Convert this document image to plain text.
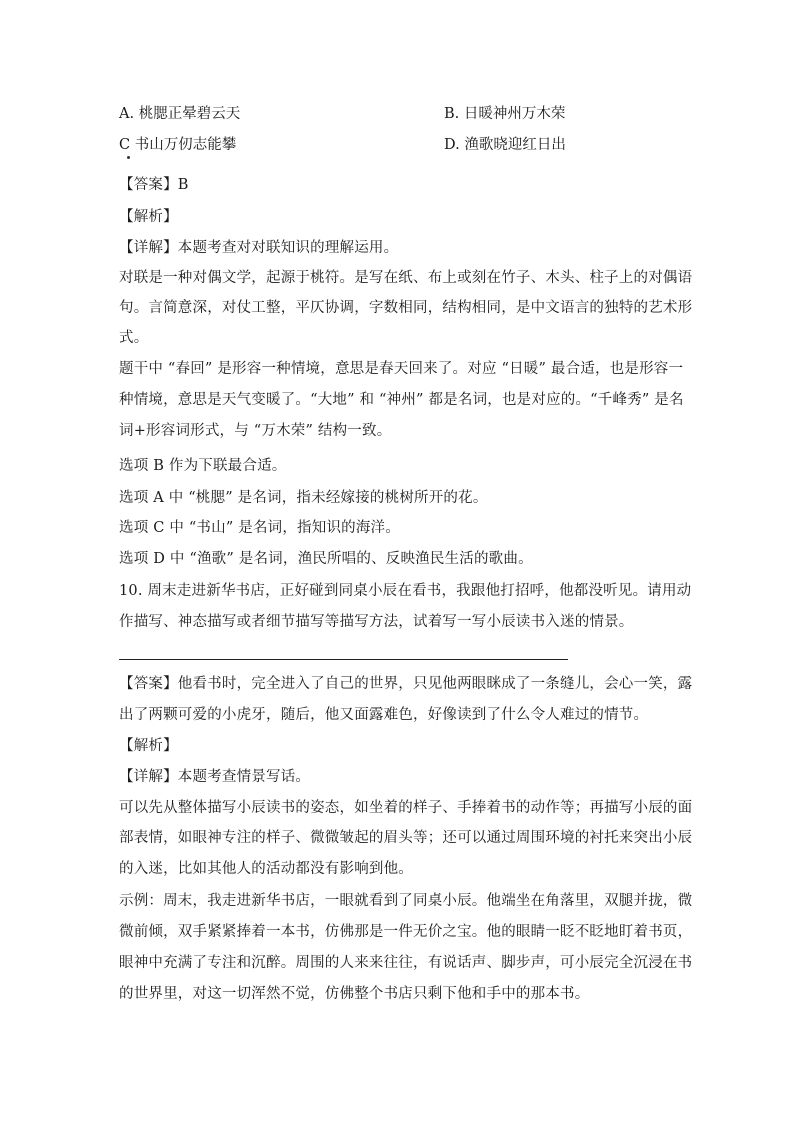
A. 桃腮正晕碧云天	B. 日暖神州万木荣
C 书山万仞志能攀	D. 渔歌晓迎红日出
【答案】B
【解析】
【详解】本题考查对对联知识的理解运用。
对联是一种对偶文学，起源于桃符。是写在纸、布上或刻在竹子、木头、柱子上的对偶语
句。言简意深，对仗工整，平仄协调，字数相同，结构相同，是中文语言的独特的艺术形
式。
题干中 “春回” 是形容一种情境，意思是春天回来了。对应 “日暖” 最合适，也是形容一
种情境，意思是天气变暖了。“大地” 和 “神州” 都是名词，也是对应的。“千峰秀” 是名
词+形容词形式，与 “万木荣” 结构一致。
选项 B 作为下联最合适。
选项 A 中 “桃腮” 是名词，指未经嫁接的桃树所开的花。
选项 C 中 “书山” 是名词，指知识的海洋。
选项 D 中 “渔歌” 是名词，渔民所唱的、反映渔民生活的歌曲。
10. 周末走进新华书店，正好碰到同桌小辰在看书，我跟他打招呼，他都没听见。请用动
作描写、神态描写或者细节描写等描写方法，试着写一写小辰读书入迷的情景。
【答案】他看书时，完全进入了自己的世界，只见他两眼眯成了一条缝儿，会心一笑，露
出了两颗可爱的小虎牙，随后，他又面露难色，好像读到了什么令人难过的情节。
【解析】
【详解】本题考查情景写话。
可以先从整体描写小辰读书的姿态，如坐着的样子、手捧着书的动作等；再描写小辰的面
部表情，如眼神专注的样子、微微皱起的眉头等；还可以通过周围环境的衬托来突出小辰
的入迷，比如其他人的活动都没有影响到他。
示例：周末，我走进新华书店，一眼就看到了同桌小辰。他端坐在角落里，双腿并拢，微
微前倾，双手紧紧捧着一本书，仿佛那是一件无价之宝。他的眼睛一眨不眨地盯着书页，
眼神中充满了专注和沉醉。周围的人来来往往，有说话声、脚步声，可小辰完全沉浸在书
的世界里，对这一切浑然不觉，仿佛整个书店只剩下他和手中的那本书。
